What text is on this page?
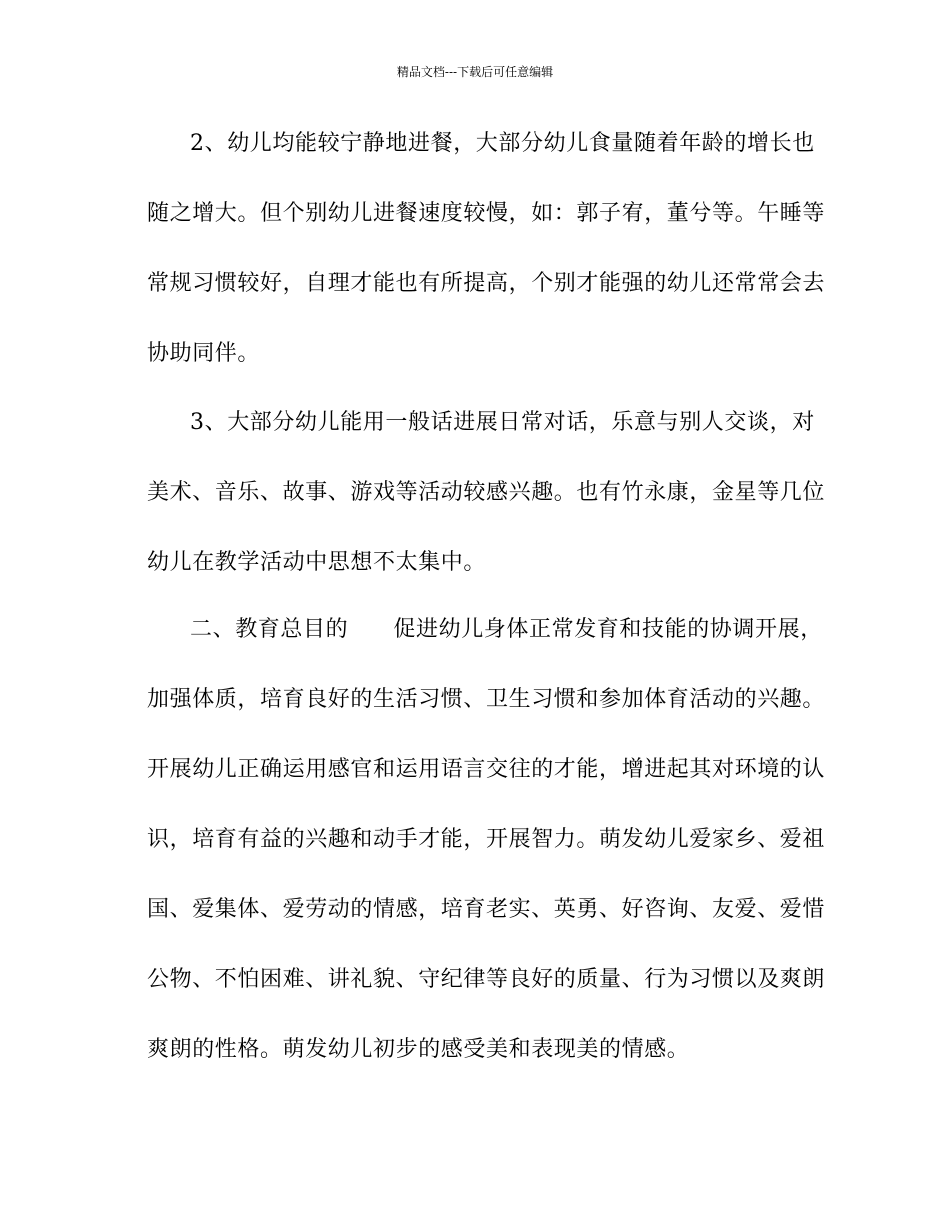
精品文档---下载后可任意编辑
2、幼儿均能较宁静地进餐，大部分幼儿食量随着年龄的增长也
随之增大。但个别幼儿进餐速度较慢，如：郭子宥，董兮等。午睡等
常规习惯较好，自理才能也有所提高，个别才能强的幼儿还常常会去
协助同伴。
3、大部分幼儿能用一般话进展日常对话，乐意与别人交谈，对
美术、音乐、故事、游戏等活动较感兴趣。也有竹永康，金星等几位
幼儿在教学活动中思想不太集中。
二、教育总目的　　促进幼儿身体正常发育和技能的协调开展，
加强体质，培育良好的生活习惯、卫生习惯和参加体育活动的兴趣。
开展幼儿正确运用感官和运用语言交往的才能，增进起其对环境的认
识，培育有益的兴趣和动手才能，开展智力。萌发幼儿爱家乡、爱祖
国、爱集体、爱劳动的情感，培育老实、英勇、好咨询、友爱、爱惜
公物、不怕困难、讲礼貌、守纪律等良好的质量、行为习惯以及爽朗
爽朗的性格。萌发幼儿初步的感受美和表现美的情感。
